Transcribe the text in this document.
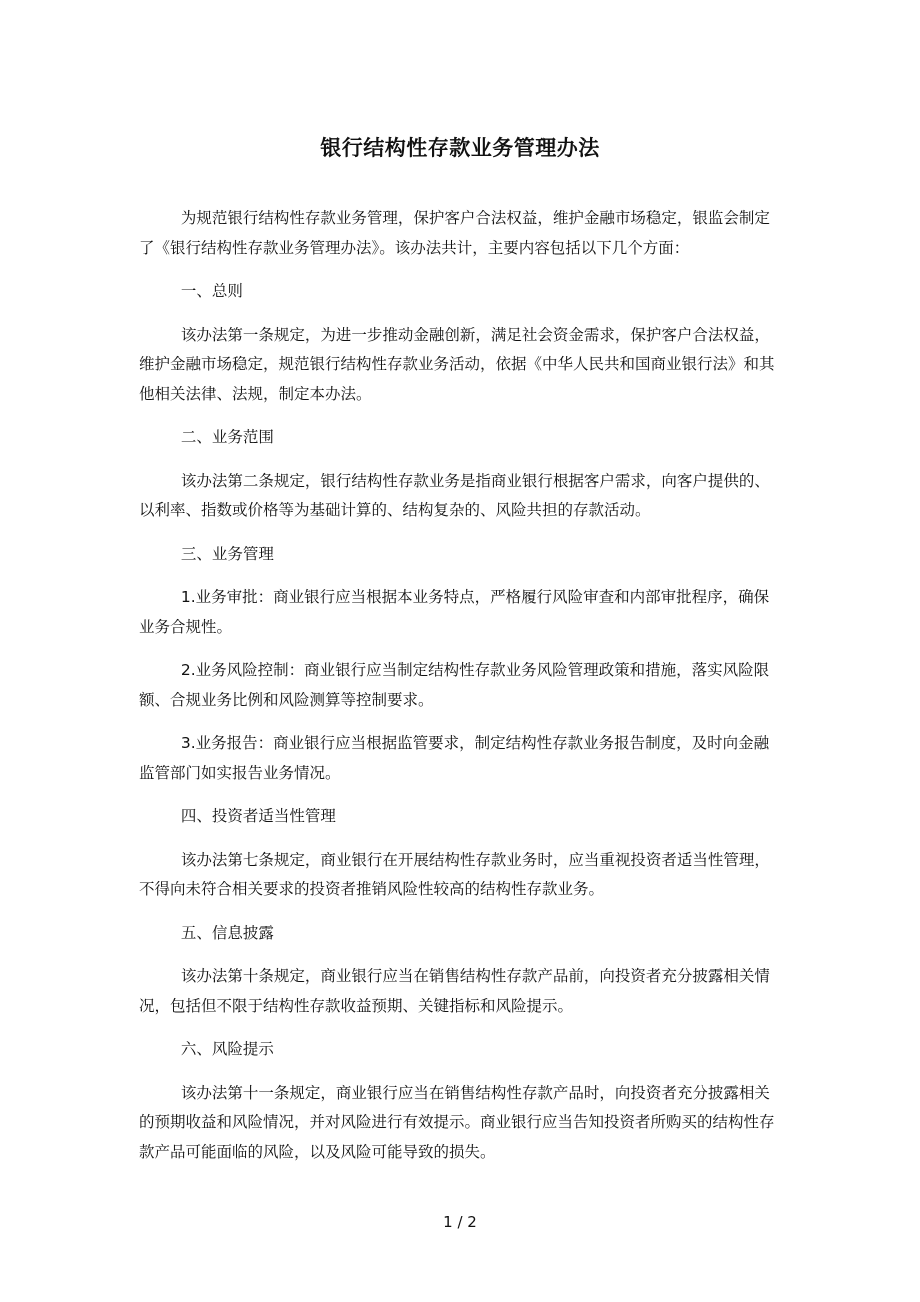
银行结构性存款业务管理办法

为规范银行结构性存款业务管理，保护客户合法权益，维护金融市场稳定，银监会制定了《银行结构性存款业务管理办法》。该办法共计，主要内容包括以下几个方面：

一、总则

该办法第一条规定，为进一步推动金融创新，满足社会资金需求，保护客户合法权益，维护金融市场稳定，规范银行结构性存款业务活动，依据《中华人民共和国商业银行法》和其他相关法律、法规，制定本办法。

二、业务范围

该办法第二条规定，银行结构性存款业务是指商业银行根据客户需求，向客户提供的、以利率、指数或价格等为基础计算的、结构复杂的、风险共担的存款活动。

三、业务管理

1.业务审批：商业银行应当根据本业务特点，严格履行风险审查和内部审批程序，确保业务合规性。

2.业务风险控制：商业银行应当制定结构性存款业务风险管理政策和措施，落实风险限额、合规业务比例和风险测算等控制要求。

3.业务报告：商业银行应当根据监管要求，制定结构性存款业务报告制度，及时向金融监管部门如实报告业务情况。

四、投资者适当性管理

该办法第七条规定，商业银行在开展结构性存款业务时，应当重视投资者适当性管理，不得向未符合相关要求的投资者推销风险性较高的结构性存款业务。

五、信息披露

该办法第十条规定，商业银行应当在销售结构性存款产品前，向投资者充分披露相关情况，包括但不限于结构性存款收益预期、关键指标和风险提示。

六、风险提示

该办法第十一条规定，商业银行应当在销售结构性存款产品时，向投资者充分披露相关的预期收益和风险情况，并对风险进行有效提示。商业银行应当告知投资者所购买的结构性存款产品可能面临的风险，以及风险可能导致的损失。

1 / 2
